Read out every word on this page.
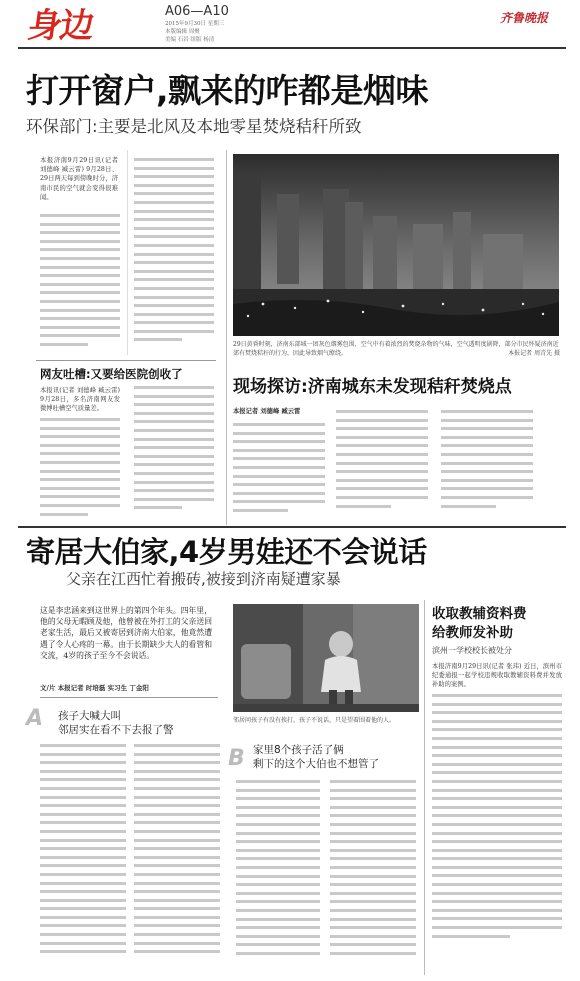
身边	A06—A10
2015年9月30日 星期三
本版编辑 周聚
美编 石岩 组版 杨清
齐鲁晚报
打开窗户,飘来的咋都是烟味
环保部门:主要是北风及本地零星焚烧秸秆所致
本报济南9月29日讯(记者 刘德峰 臧云雷) 9月28日、29日两天每到傍晚时分，济南市民的空气就会变得很难闻。
网友吐槽:又要给医院创收了
本报讯(记者 刘德峰 臧云雷) 9月28日，多名济南网友发微博吐槽空气质量差。
29日黄昏时刻，济南东部城一团灰色烟雾包围，空气中有着浓烈的焚烧杂物的气味，空气透明度剧降，部分市民怀疑济南近郊有焚烧秸秆的行为，因此导致烟气缭绕。	本报记者 周青先 摄
现场探访:济南城东未发现秸秆焚烧点
本报记者 刘德峰 臧云雷
寄居大伯家,4岁男娃还不会说话
父亲在江西忙着搬砖,被接到济南疑遭家暴
这是李忠涵来到这世界上的第四个年头。四年里，他的父母无暇顾及他，他曾被在外打工的父亲送回老家生活，最后又被寄居到济南大伯家，他竟然遭遇了令人心疼的一幕。由于长期缺少大人的看管和交流，4岁的孩子至今不会说话。
文/片 本报记者 时培磊 实习生 丁金阳
邻居问孩子有没有挨打，孩子不说话，只是望着围着他的人。
A 孩子大喊大叫
邻居实在看不下去报了警
B 家里8个孩子活了俩
剩下的这个大伯也不想管了
收取教辅资料费
给教师发补助
滨州一学校校长被处分
本报济南9月29日讯(记者 张玮) 近日，滨州市纪委通报一起学校违规收取教辅资料费并发放补助的案例。
